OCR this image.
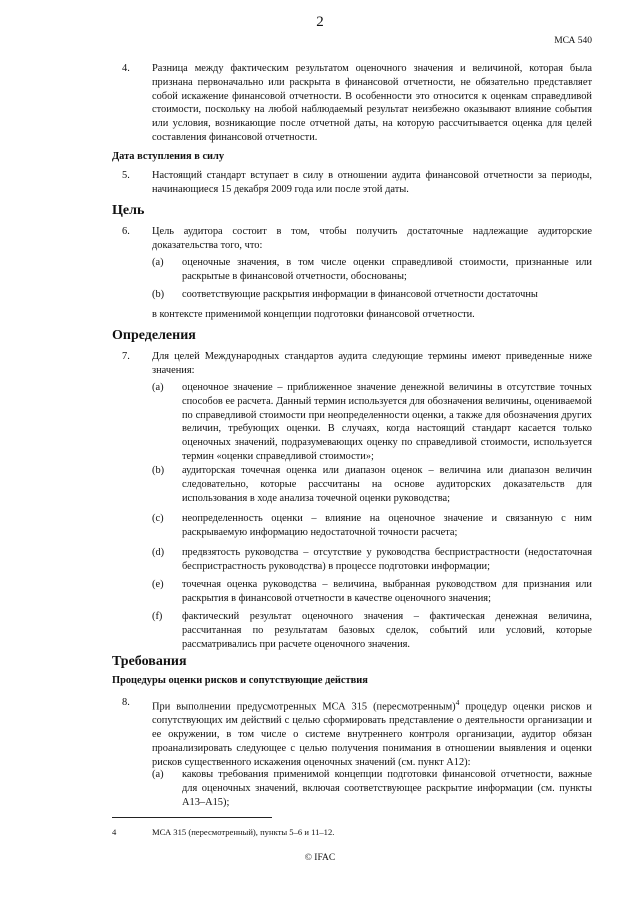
2
МСА 540
4. Разница между фактическим результатом оценочного значения и величиной, которая была признана первоначально или раскрыта в финансовой отчетности, не обязательно представляет собой искажение финансовой отчетности. В особенности это относится к оценкам справедливой стоимости, поскольку на любой наблюдаемый результат неизбежно оказывают влияние события или условия, возникающие после отчетной даты, на которую рассчитывается оценка для целей составления финансовой отчетности.
Дата вступления в силу
5. Настоящий стандарт вступает в силу в отношении аудита финансовой отчетности за периоды, начинающиеся 15 декабря 2009 года или после этой даты.
Цель
6. Цель аудитора состоит в том, чтобы получить достаточные надлежащие аудиторские доказательства того, что:
(a) оценочные значения, в том числе оценки справедливой стоимости, признанные или раскрытые в финансовой отчетности, обоснованы;
(b) соответствующие раскрытия информации в финансовой отчетности достаточны
в контексте применимой концепции подготовки финансовой отчетности.
Определения
7. Для целей Международных стандартов аудита следующие термины имеют приведенные ниже значения:
(a) оценочное значение – приближенное значение денежной величины в отсутствие точных способов ее расчета. Данный термин используется для обозначения величины, оцениваемой по справедливой стоимости при неопределенности оценки, а также для обозначения других величин, требующих оценки. В случаях, когда настоящий стандарт касается только оценочных значений, подразумевающих оценку по справедливой стоимости, используется термин «оценки справедливой стоимости»;
(b) аудиторская точечная оценка или диапазон оценок – величина или диапазон величин следовательно, которые рассчитаны на основе аудиторских доказательств для использования в ходе анализа точечной оценки руководства;
(c) неопределенность оценки – влияние на оценочное значение и связанную с ним раскрываемую информацию недостаточной точности расчета;
(d) предвзятость руководства – отсутствие у руководства беспристрастности (недостаточная беспристрастность руководства) в процессе подготовки информации;
(e) точечная оценка руководства – величина, выбранная руководством для признания или раскрытия в финансовой отчетности в качестве оценочного значения;
(f) фактический результат оценочного значения – фактическая денежная величина, рассчитанная по результатам базовых сделок, событий или условий, которые рассматривались при расчете оценочного значения.
Требования
Процедуры оценки рисков и сопутствующие действия
8. При выполнении предусмотренных МСА 315 (пересмотренным)$^4$ процедур оценки рисков и сопутствующих им действий с целью сформировать представление о деятельности организации и ее окружении, в том числе о системе внутреннего контроля организации, аудитор обязан проанализировать следующее с целью получения понимания в отношении выявления и оценки рисков существенного искажения оценочных значений (см. пункт A12):
(a) каковы требования применимой концепции подготовки финансовой отчетности, важные для оценочных значений, включая соответствующее раскрытие информации (см. пункты A13–A15);
4	МСА 315 (пересмотренный), пункты 5–6 и 11–12.
© IFAC
